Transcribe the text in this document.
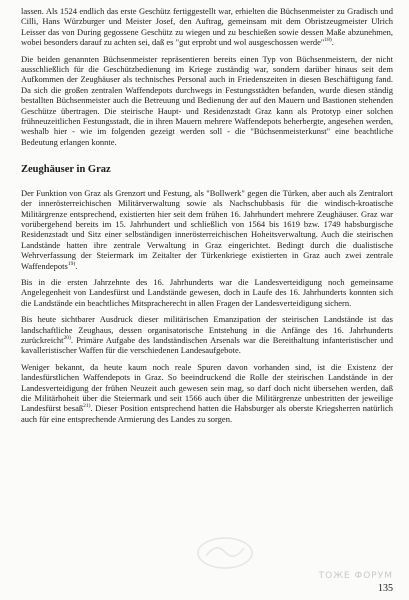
lassen. Als 1524 endlich das erste Geschütz fertiggestellt war, erhielten die Büchsenmeister zu Gradisch und Cilli, Hans Würzburger und Meister Josef, den Auftrag, gemeinsam mit dem Obristzeugmeister Ulrich Leisser das von During gegossene Geschütz zu wiegen und zu beschießen sowie dessen Maße abzunehmen, wobei besonders darauf zu achten sei, daß es "gut erprobt und wol ausgeschossen werde"$^{18)}$.

Die beiden genannten Büchsenmeister repräsentieren bereits einen Typ von Büchsenmeistern, der nicht ausschließlich für die Geschützbedienung im Kriege zuständig war, sondern darüber hinaus seit dem Aufkommen der Zeughäuser als technisches Personal auch in Friedenszeiten in diesen Beschäftigung fand. Da sich die großen zentralen Waffendepots durchwegs in Festungsstädten befanden, wurde diesen ständig bestallten Büchsenmeister auch die Betreuung und Bedienung der auf den Mauern und Bastionen stehenden Geschütze übertragen. Die steirische Haupt- und Residenzstadt Graz kann als Prototyp einer solchen frühneuzeitlichen Festungsstadt, die in ihren Mauern mehrere Waffendepots beherbergte, angesehen werden, weshalb hier - wie im folgenden gezeigt werden soll - die "Büchsenmeisterkunst" eine beachtliche Bedeutung erlangen konnte.

Zeughäuser in Graz

Der Funktion von Graz als Grenzort und Festung, als "Bollwerk" gegen die Türken, aber auch als Zentralort der innerösterreichischen Militärverwaltung sowie als Nachschubbasis für die windisch-kroatische Militärgrenze entsprechend, existierten hier seit dem frühen 16. Jahrhundert mehrere Zeughäuser. Graz war vorübergehend bereits im 15. Jahrhundert und schließlich von 1564 bis 1619 bzw. 1749 habsburgische Residenzstadt und Sitz einer selbständigen innerösterreichischen Hoheitsverwaltung. Auch die steirischen Landstände hatten ihre zentrale Verwaltung in Graz eingerichtet. Bedingt durch die dualistische Wehrverfassung der Steiermark im Zeitalter der Türkenkriege existierten in Graz auch zwei zentrale Waffendepots$^{19)}$.

Bis in die ersten Jahrzehnte des 16. Jahrhunderts war die Landesverteidigung noch gemeinsame Angelegenheit von Landesfürst und Landstände gewesen, doch in Laufe des 16. Jahrhunderts konnten sich die Landstände ein beachtliches Mitspracherecht in allen Fragen der Landesverteidigung sichern.

Bis heute sichtbarer Ausdruck dieser militärischen Emanzipation der steirischen Landstände ist das landschaftliche Zeughaus, dessen organisatorische Entstehung in die Anfänge des 16. Jahrhunderts zurückreicht$^{20)}$. Primäre Aufgabe des landständischen Arsenals war die Bereithaltung infanteristischer und kavalleristischer Waffen für die verschiedenen Landesaufgebote.

Weniger bekannt, da heute kaum noch reale Spuren davon vorhanden sind, ist die Existenz der landesfürstlichen Waffendepots in Graz. So beeindruckend die Rolle der steirischen Landstände in der Landesverteidigung der frühen Neuzeit auch gewesen sein mag, so darf doch nicht übersehen werden, daß die Militärhoheit über die Steiermark und seit 1566 auch über die Militärgrenze unbestritten der jeweilige Landesfürst besaß$^{21)}$. Dieser Position entsprechend hatten die Habsburger als oberste Kriegsherren natürlich auch für eine entsprechende Armierung des Landes zu sorgen.

ТОЖЕ ФОРУМ
135
